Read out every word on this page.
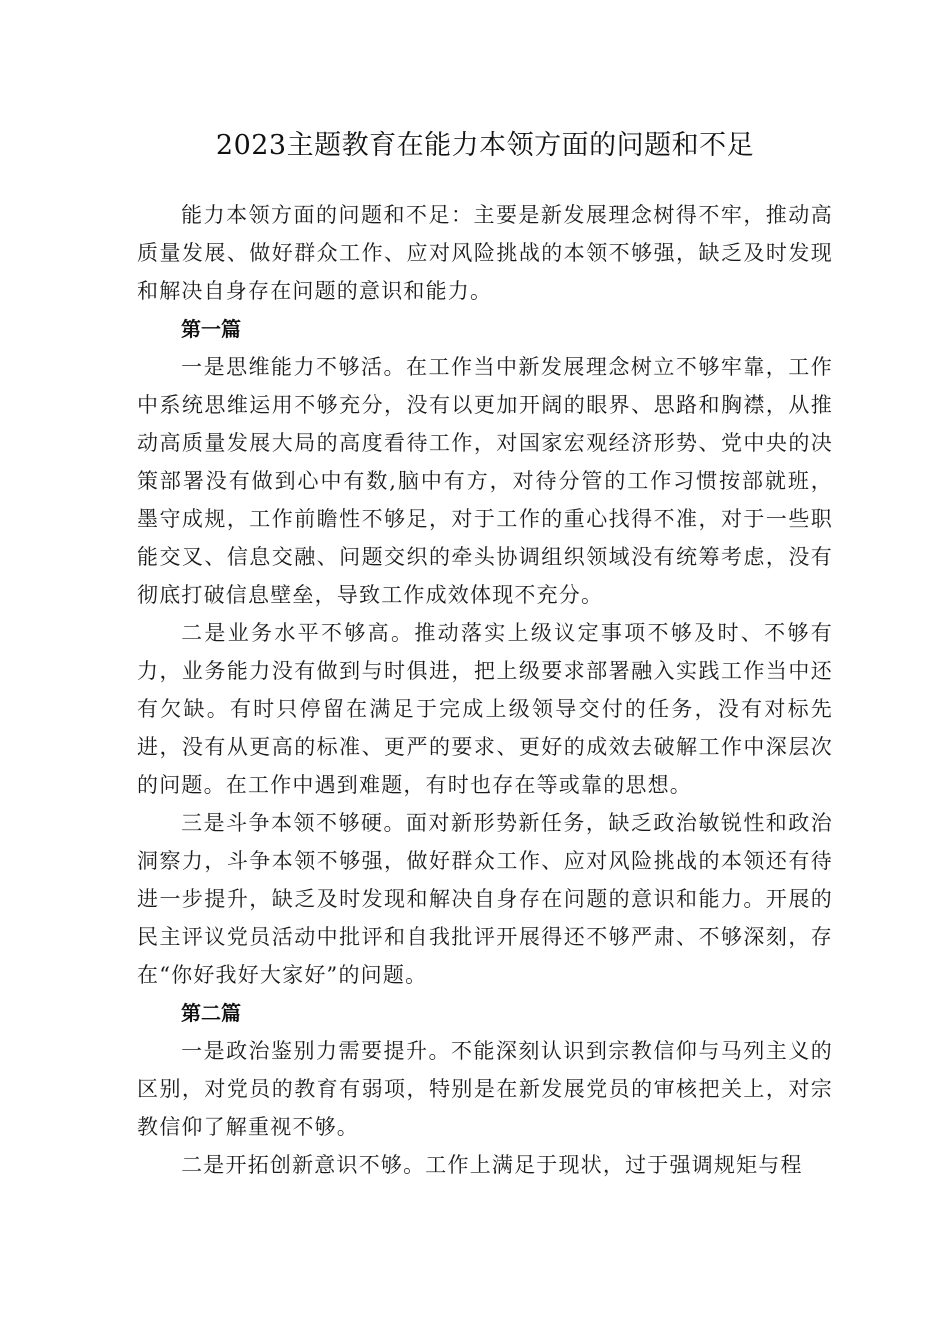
2023主题教育在能力本领方面的问题和不足

能力本领方面的问题和不足：主要是新发展理念树得不牢，推动高质量发展、做好群众工作、应对风险挑战的本领不够强，缺乏及时发现和解决自身存在问题的意识和能力。

第一篇

一是思维能力不够活。在工作当中新发展理念树立不够牢靠，工作中系统思维运用不够充分，没有以更加开阔的眼界、思路和胸襟，从推动高质量发展大局的高度看待工作，对国家宏观经济形势、党中央的决策部署没有做到心中有数,脑中有方，对待分管的工作习惯按部就班，墨守成规，工作前瞻性不够足，对于工作的重心找得不准，对于一些职能交叉、信息交融、问题交织的牵头协调组织领域没有统筹考虑，没有彻底打破信息壁垒，导致工作成效体现不充分。

二是业务水平不够高。推动落实上级议定事项不够及时、不够有力，业务能力没有做到与时俱进，把上级要求部署融入实践工作当中还有欠缺。有时只停留在满足于完成上级领导交付的任务，没有对标先进，没有从更高的标准、更严的要求、更好的成效去破解工作中深层次的问题。在工作中遇到难题，有时也存在等或靠的思想。

三是斗争本领不够硬。面对新形势新任务，缺乏政治敏锐性和政治洞察力，斗争本领不够强，做好群众工作、应对风险挑战的本领还有待进一步提升，缺乏及时发现和解决自身存在问题的意识和能力。开展的民主评议党员活动中批评和自我批评开展得还不够严肃、不够深刻，存在“你好我好大家好”的问题。

第二篇

一是政治鉴别力需要提升。不能深刻认识到宗教信仰与马列主义的区别，对党员的教育有弱项，特别是在新发展党员的审核把关上，对宗教信仰了解重视不够。

二是开拓创新意识不够。工作上满足于现状，过于强调规矩与程
